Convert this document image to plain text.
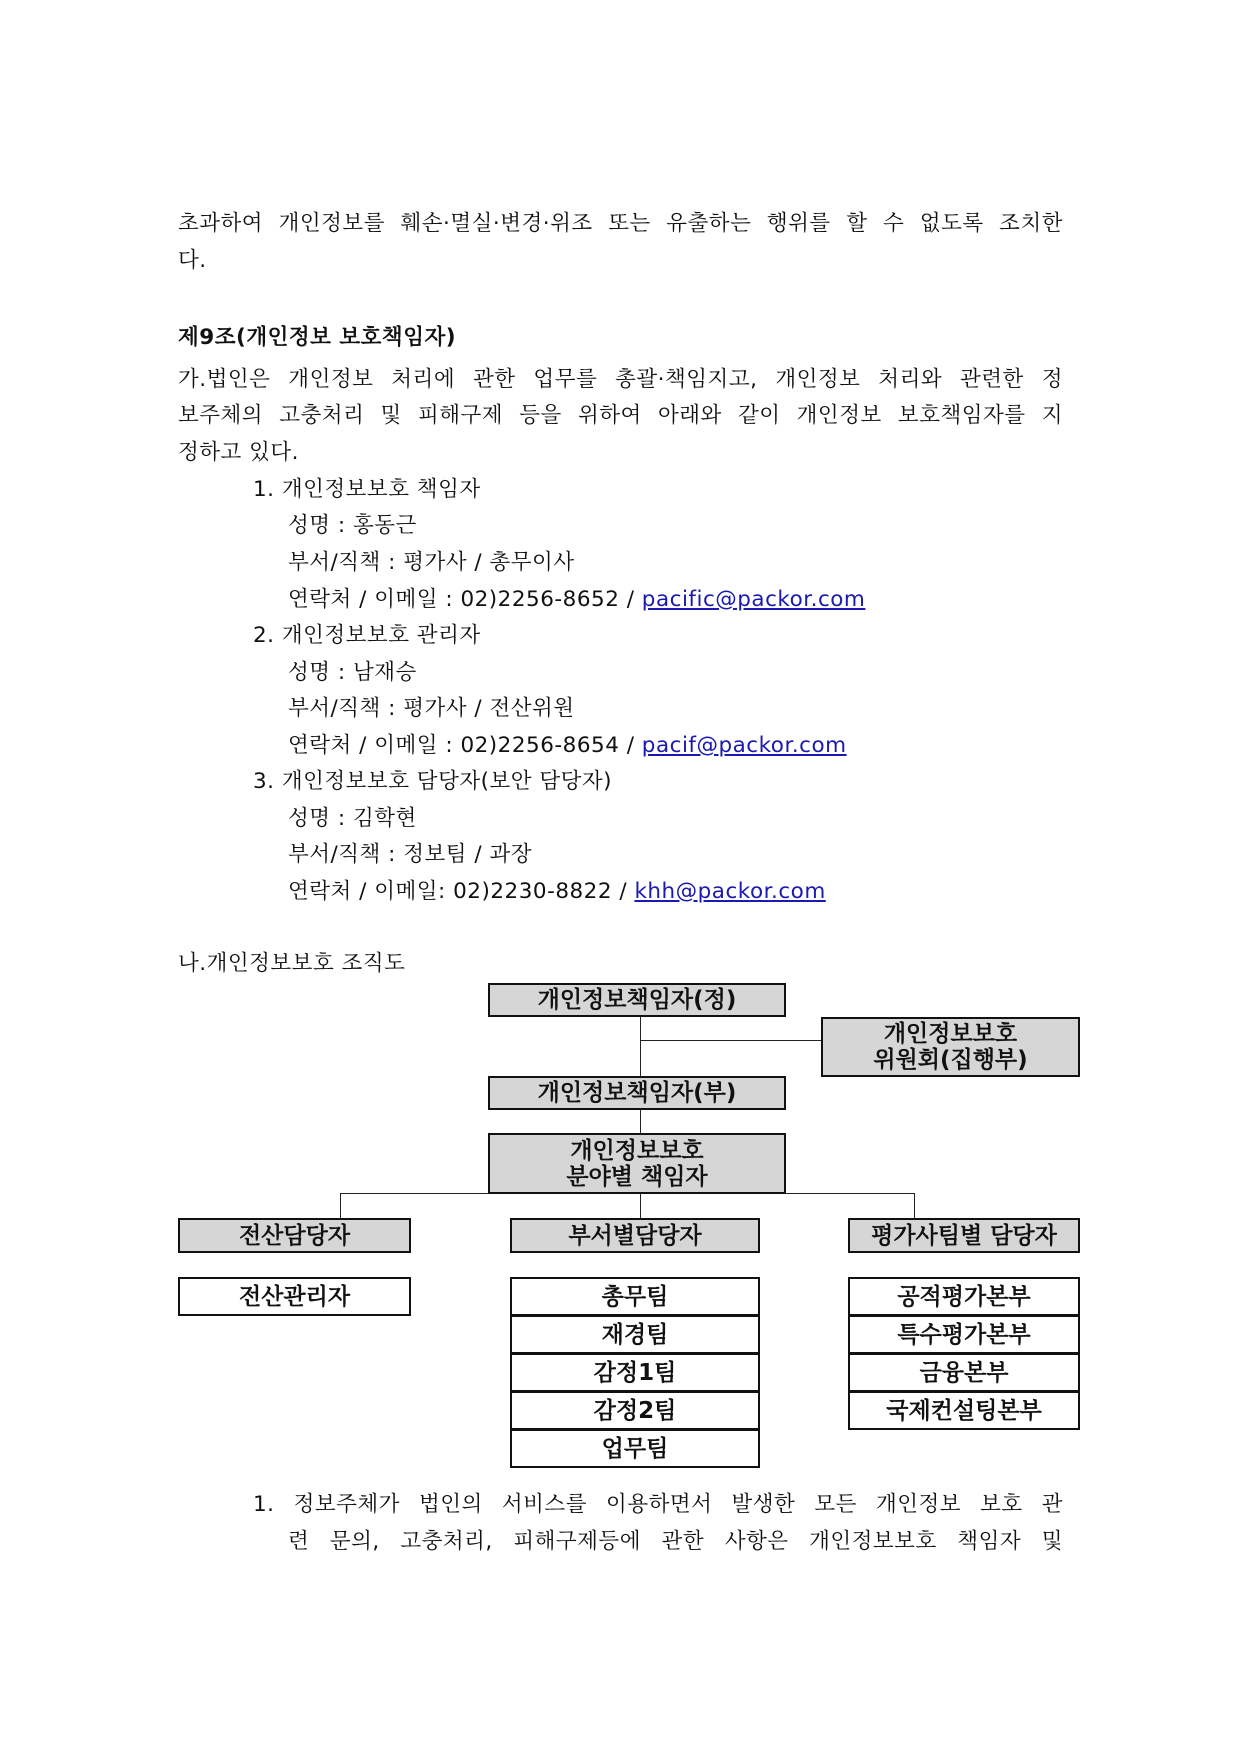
초과하여 개인정보를 훼손·멸실·변경·위조 또는 유출하는 행위를 할 수 없도록 조치한
다.
제9조(개인정보 보호책임자)
가.법인은 개인정보 처리에 관한 업무를 총괄·책임지고, 개인정보 처리와 관련한 정
보주체의 고충처리 및 피해구제 등을 위하여 아래와 같이 개인정보 보호책임자를 지
정하고 있다.
1. 개인정보보호 책임자
성명 : 홍동근
부서/직책 : 평가사 / 총무이사
연락처 / 이메일 : 02)2256-8652 / pacific@packor.com
2. 개인정보보호 관리자
성명 : 남재승
부서/직책 : 평가사 / 전산위원
연락처 / 이메일 : 02)2256-8654 / pacif@packor.com
3. 개인정보보호 담당자(보안 담당자)
성명 : 김학현
부서/직책 : 정보팀 / 과장
연락처 / 이메일: 02)2230-8822 / khh@packor.com
나.개인정보보호 조직도
개인정보책임자(정)
개인정보보호
위원회(집행부)
개인정보책임자(부)
개인정보보호
분야별 책임자
전산담당자	부서별담당자	평가사팀별 담당자
전산관리자	총무팀
재경팀
감정1팀
감정2팀
업무팀
공적평가본부
특수평가본부
금융본부
국제컨설팅본부
1. 정보주체가 법인의 서비스를 이용하면서 발생한 모든 개인정보 보호 관
련 문의, 고충처리, 피해구제등에 관한 사항은 개인정보보호 책임자 및
